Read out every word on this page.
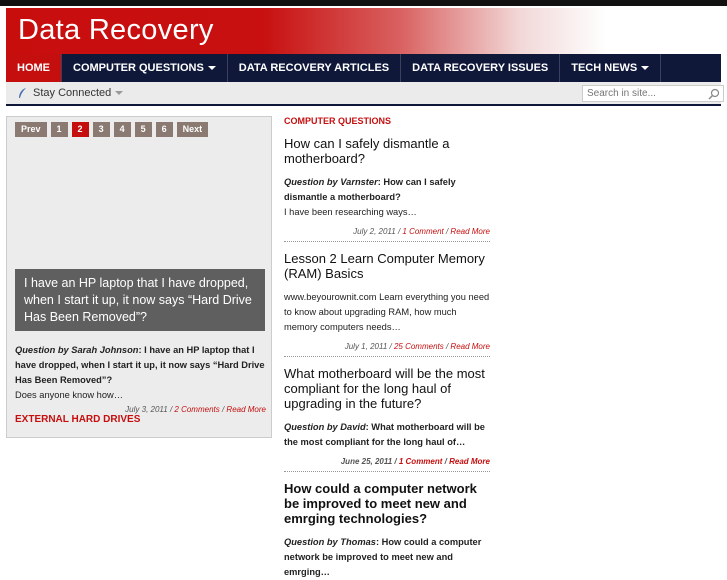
Data Recovery
HOME	COMPUTER QUESTIONS	DATA RECOVERY ARTICLES	DATA RECOVERY ISSUES	TECH NEWS
Stay Connected
Search in site...
Prev	1	2	3	4	5	6	Next
I have an HP laptop that I have dropped, when I start it up, it now says “Hard Drive Has Been Removed”?
Question by Sarah Johnson: I have an HP laptop that I have dropped, when I start it up, it now says “Hard Drive Has Been Removed”?
Does anyone know how…
July 3, 2011 / 2 Comments / Read More
EXTERNAL HARD DRIVES
COMPUTER QUESTIONS
How can I safely dismantle a motherboard?
Question by Varnster: How can I safely dismantle a motherboard?
I have been researching ways…
July 2, 2011 / 1 Comment / Read More
Lesson 2 Learn Computer Memory (RAM) Basics
www.beyourownit.com Learn everything you need to know about upgrading RAM, how much memory computers needs…
July 1, 2011 / 25 Comments / Read More
What motherboard will be the most compliant for the long haul of upgrading in the future?
Question by David: What motherboard will be the most compliant for the long haul of…
June 25, 2011 / 1 Comment / Read More
How could a computer network be improved to meet new and emrging technologies?
Question by Thomas: How could a computer network be improved to meet new and emrging…
